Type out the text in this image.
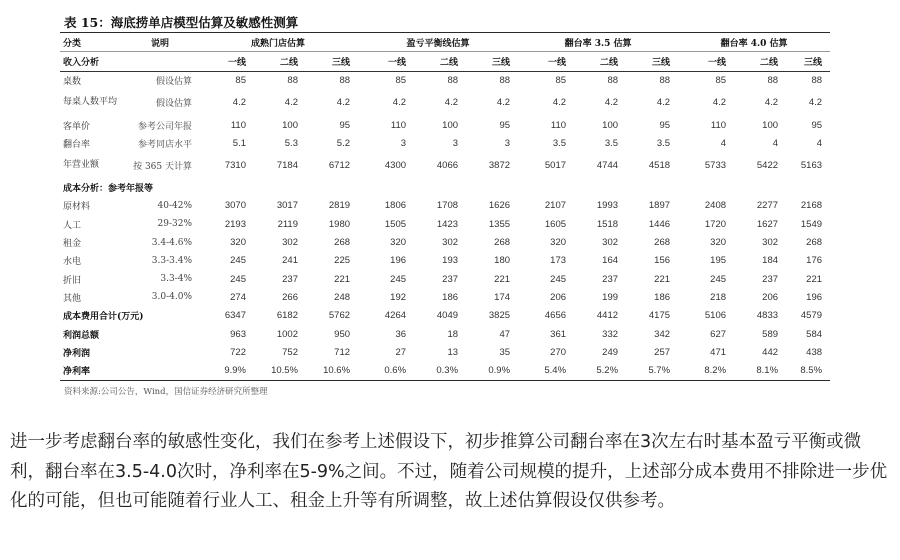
表 15：海底捞单店模型估算及敏感性测算
分类	说明	成熟门店估算			盈亏平衡线估算			翻台率 3.5 估算			翻台率 4.0 估算		
收入分析		一线	二线	三线	一线	二线	三线	一线	二线	三线	一线	二线	三线
桌数	假设估算	85	88	88	85	88	88	85	88	88	85	88	88
每桌人数平均	假设估算	4.2	4.2	4.2	4.2	4.2	4.2	4.2	4.2	4.2	4.2	4.2	4.2
客单价	参考公司年报	110	100	95	110	100	95	110	100	95	110	100	95
翻台率	参考同店水平	5.1	5.3	5.2	3	3	3	3.5	3.5	3.5	4	4	4
年营业额	按 365 天计算	7310	7184	6712	4300	4066	3872	5017	4744	4518	5733	5422	5163
成本分析：参考年报等													
原材料	40-42%	3070	3017	2819	1806	1708	1626	2107	1993	1897	2408	2277	2168
人工	29-32%	2193	2119	1980	1505	1423	1355	1605	1518	1446	1720	1627	1549
租金	3.4-4.6%	320	302	268	320	302	268	320	302	268	320	302	268
水电	3.3-3.4%	245	241	225	196	193	180	173	164	156	195	184	176
折旧	3.3-4%	245	237	221	245	237	221	245	237	221	245	237	221
其他	3.0-4.0%	274	266	248	192	186	174	206	199	186	218	206	196
成本费用合计(万元)		6347	6182	5762	4264	4049	3825	4656	4412	4175	5106	4833	4579
利润总额		963	1002	950	36	18	47	361	332	342	627	589	584
净利润		722	752	712	27	13	35	270	249	257	471	442	438
净利率		9.9%	10.5%	10.6%	0.6%	0.3%	0.9%	5.4%	5.2%	5.7%	8.2%	8.1%	8.5%
资料来源:公司公告，Wind，国信证券经济研究所整理
进一步考虑翻台率的敏感性变化，我们在参考上述假设下，初步推算公司翻台率在3次左右时基本盈亏平衡或微利，翻台率在3.5-4.0次时，净利率在5-9%之间。不过，随着公司规模的提升，上述部分成本费用不排除进一步优化的可能，但也可能随着行业人工、租金上升等有所调整，故上述估算假设仅供参考。
